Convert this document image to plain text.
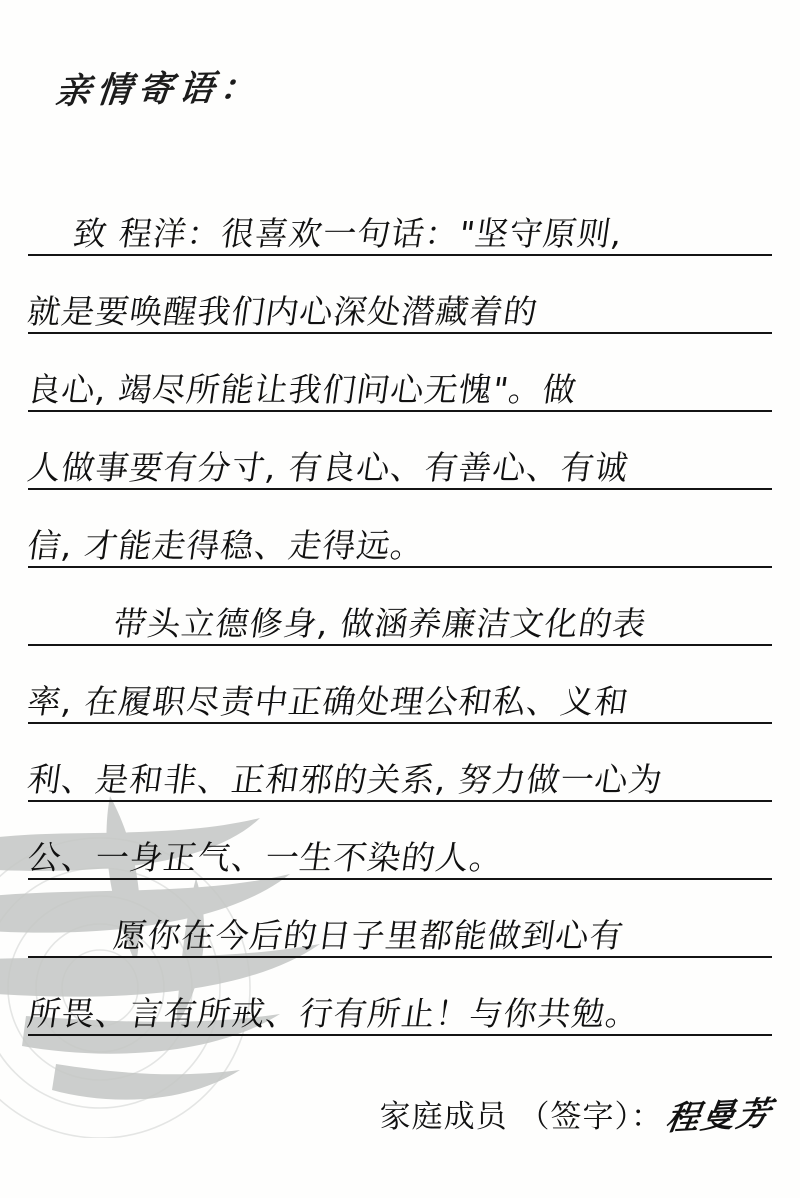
亲情寄语：
致 程洋：很喜欢一句话："坚守原则,
就是要唤醒我们内心深处潜藏着的
良心, 竭尽所能让我们问心无愧"。做
人做事要有分寸, 有良心、有善心、有诚
信, 才能走得稳、走得远。
带头立德修身, 做涵养廉洁文化的表
率, 在履职尽责中正确处理公和私、义和
利、是和非、正和邪的关系, 努力做一心为
公、一身正气、一生不染的人。
愿你在今后的日子里都能做到心有
所畏、言有所戒、行有所止！与你共勉。
家庭成员 （签字）： 程曼芳
